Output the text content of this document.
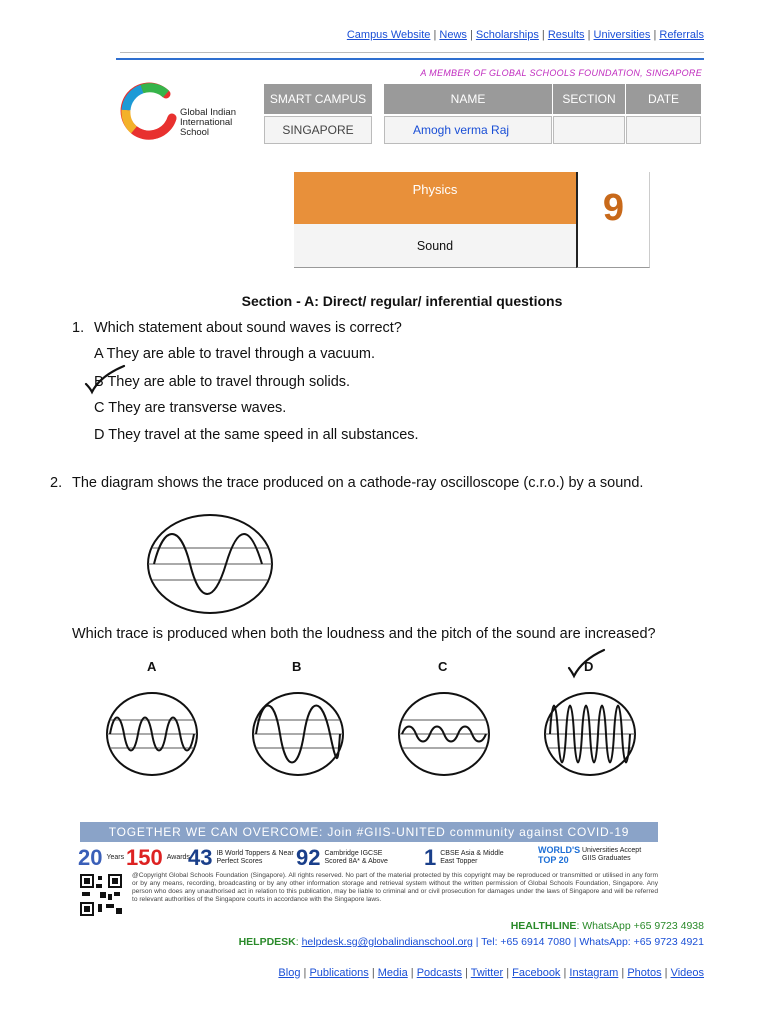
Campus Website | News | Scholarships | Results | Universities | Referrals
A MEMBER OF GLOBAL SCHOOLS FOUNDATION, SINGAPORE
Global Indian
International
School
SMART CAMPUS	NAME	SECTION	DATE
SINGAPORE	Amogh verma Raj
Physics
Sound
9
Section - A: Direct/ regular/ inferential questions
1. Which statement about sound waves is correct?
A They are able to travel through a vacuum.
B They are able to travel through solids.
C They are transverse waves.
D They travel at the same speed in all substances.
2. The diagram shows the trace produced on a cathode-ray oscilloscope (c.r.o.) by a sound.
Which trace is produced when both the loudness and the pitch of the sound are increased?
A	B	C	D
TOGETHER WE CAN OVERCOME: Join #GIIS-UNITED community against COVID-19
20 Years 150 Awards
43 IB World Toppers & Near Perfect Scores	92 Cambridge IGCSE Scored 8A* & Above	1 CBSE Asia & Middle East Topper
WORLD'S TOP 20
Universities Accept GIIS Graduates
@Copyright Global Schools Foundation (Singapore). All rights reserved. No part of the material protected by this copyright may be reproduced or transmitted or utilised in any form or by any means, recording, broadcasting or by any other information storage and retrieval system without the written permission of Global Schools Foundation, Singapore. Any person who does any unauthorised act in relation to this publication, may be liable to criminal and or civil prosecution for damages under the laws of Singapore and will be referred to relevant authorities of the Singapore courts in accordance with the Singapore laws.
HEALTHLINE: WhatsApp +65 9723 4938
HELPDESK: helpdesk.sg@globalindianschool.org | Tel: +65 6914 7080 | WhatsApp: +65 9723 4921
Blog | Publications | Media | Podcasts | Twitter | Facebook | Instagram | Photos | Videos
